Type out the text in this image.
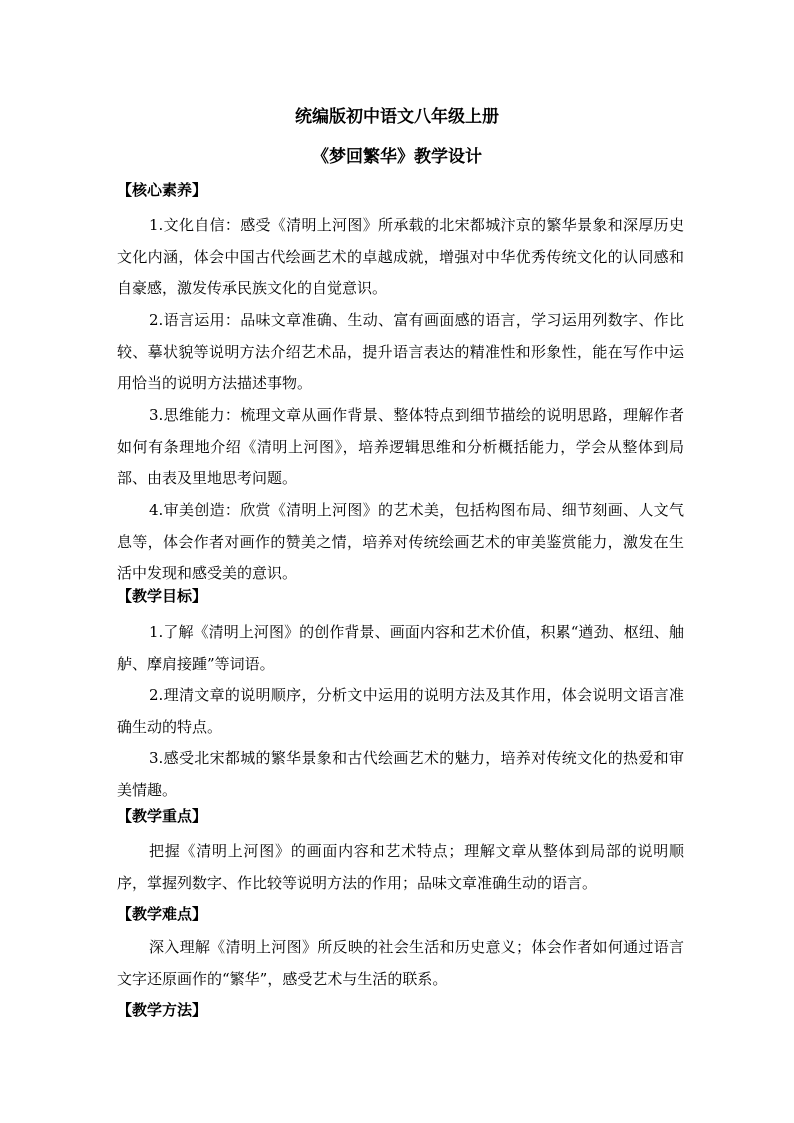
统编版初中语文八年级上册
《梦回繁华》教学设计
【核心素养】
1.文化自信：感受《清明上河图》所承载的北宋都城汴京的繁华景象和深厚历史文化内涵，体会中国古代绘画艺术的卓越成就，增强对中华优秀传统文化的认同感和自豪感，激发传承民族文化的自觉意识。
2.语言运用：品味文章准确、生动、富有画面感的语言，学习运用列数字、作比较、摹状貌等说明方法介绍艺术品，提升语言表达的精准性和形象性，能在写作中运用恰当的说明方法描述事物。
3.思维能力：梳理文章从画作背景、整体特点到细节描绘的说明思路，理解作者如何有条理地介绍《清明上河图》，培养逻辑思维和分析概括能力，学会从整体到局部、由表及里地思考问题。
4.审美创造：欣赏《清明上河图》的艺术美，包括构图布局、细节刻画、人文气息等，体会作者对画作的赞美之情，培养对传统绘画艺术的审美鉴赏能力，激发在生活中发现和感受美的意识。
【教学目标】
1.了解《清明上河图》的创作背景、画面内容和艺术价值，积累“遒劲、枢纽、舳舻、摩肩接踵”等词语。
2.理清文章的说明顺序，分析文中运用的说明方法及其作用，体会说明文语言准确生动的特点。
3.感受北宋都城的繁华景象和古代绘画艺术的魅力，培养对传统文化的热爱和审美情趣。
【教学重点】
把握《清明上河图》的画面内容和艺术特点；理解文章从整体到局部的说明顺序，掌握列数字、作比较等说明方法的作用；品味文章准确生动的语言。
【教学难点】
深入理解《清明上河图》所反映的社会生活和历史意义；体会作者如何通过语言文字还原画作的“繁华”，感受艺术与生活的联系。
【教学方法】
